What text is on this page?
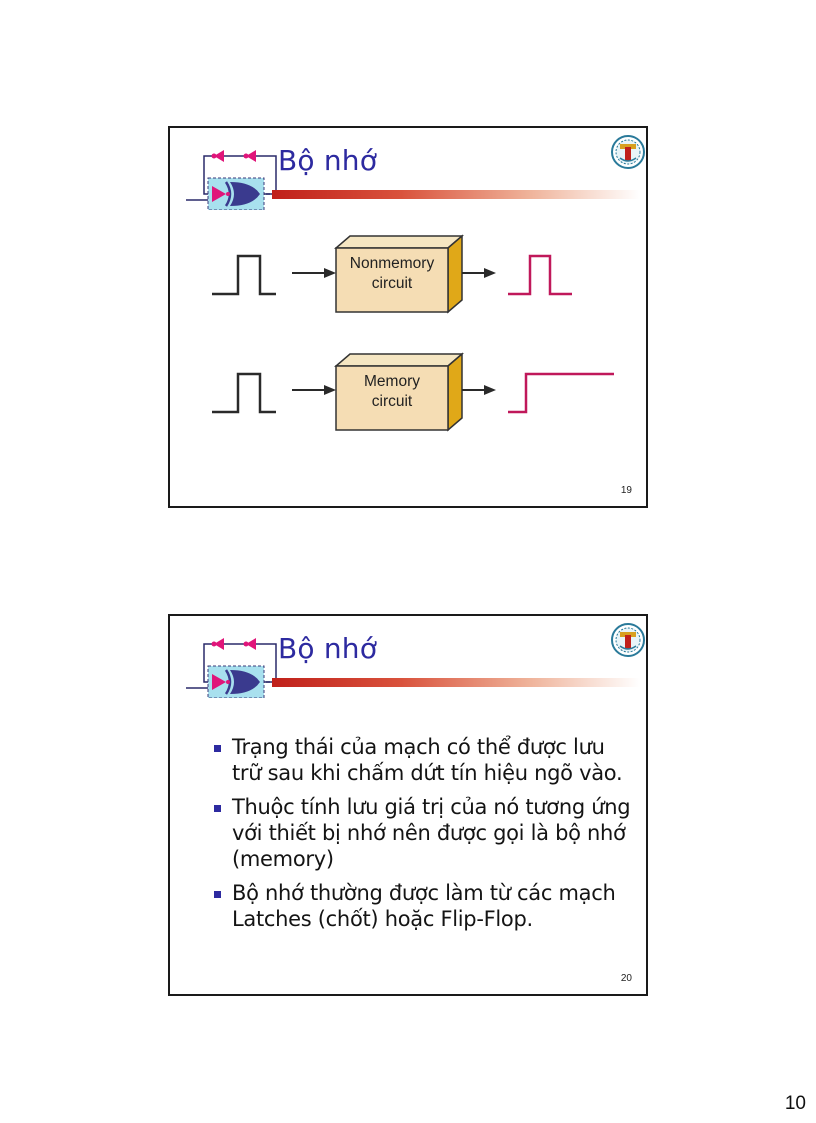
Bộ nhớ
Nonmemory
circuit
Memory
circuit
19
Bộ nhớ
Trạng thái của mạch có thể được lưu trữ sau khi chấm dứt tín hiệu ngõ vào.
Thuộc tính lưu giá trị của nó tương ứng với thiết bị nhớ nên được gọi là bộ nhớ (memory)
Bộ nhớ thường được làm từ các mạch Latches (chốt) hoặc Flip-Flop.
20
10
